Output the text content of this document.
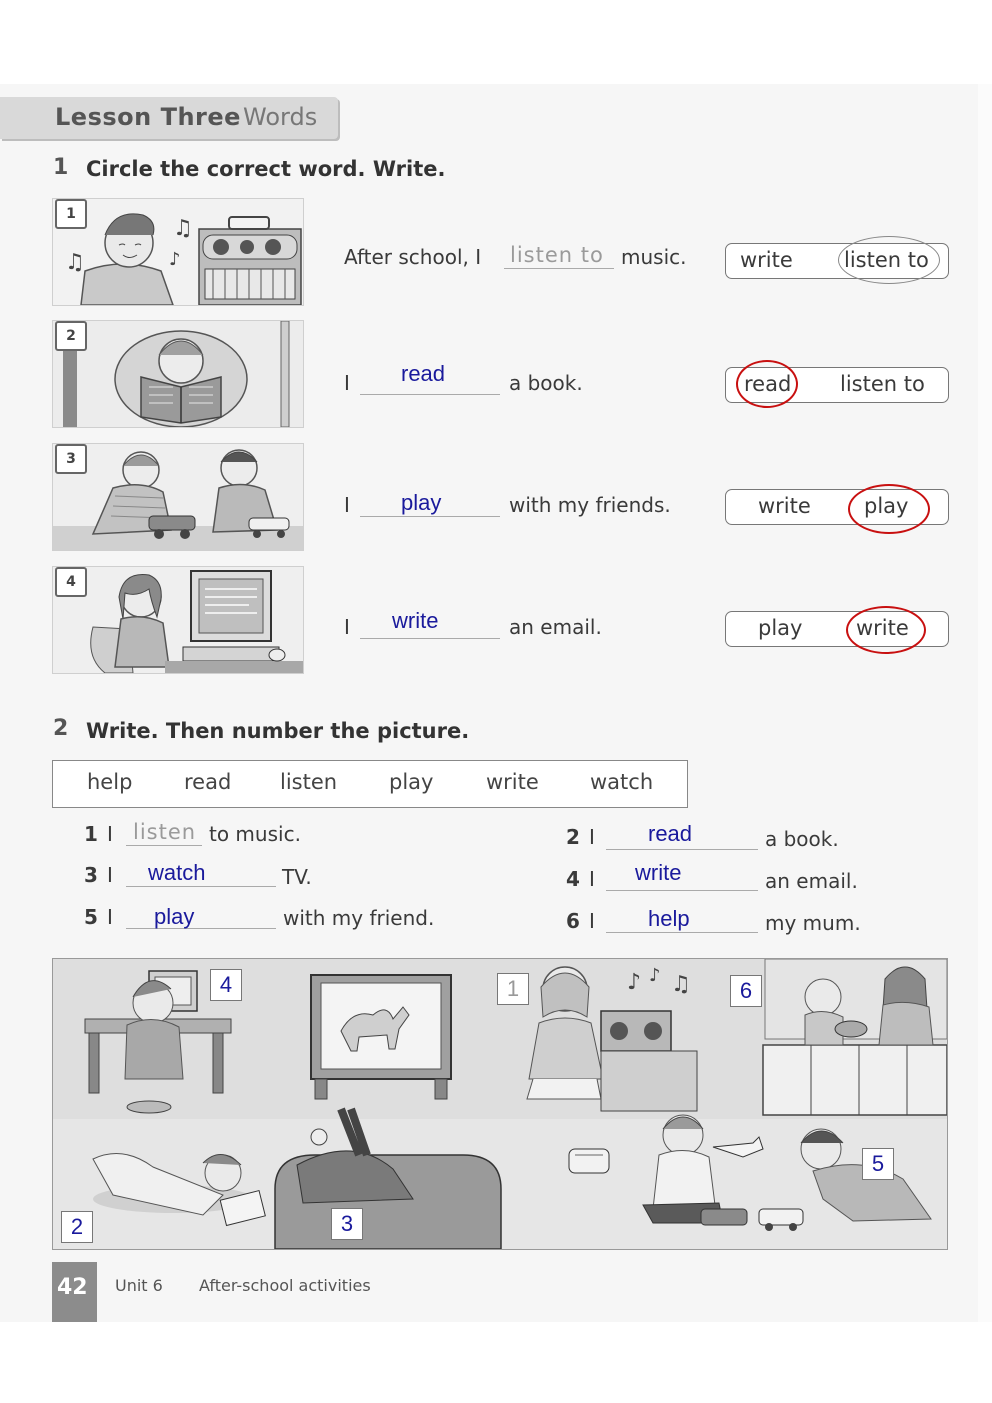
Lesson Three Words
1 Circle the correct word. Write.
♫
♫	♪
1
After school, I listen to music.	write listen to
2
I read	a book.	read listen to
3
I play	with my friends.	write	play
4
I write	an email.	play	write
2 Write. Then number the picture.
help read listen play	write watch
1 I listen to music.
3 I watch	TV.
5 I play	with my friend.
2 I read	a book.
4 I write	an email.
6 I help	my mum.
♪ ♪ ♫
4	1	6
5
2	3
42 Unit 6 After-school activities
